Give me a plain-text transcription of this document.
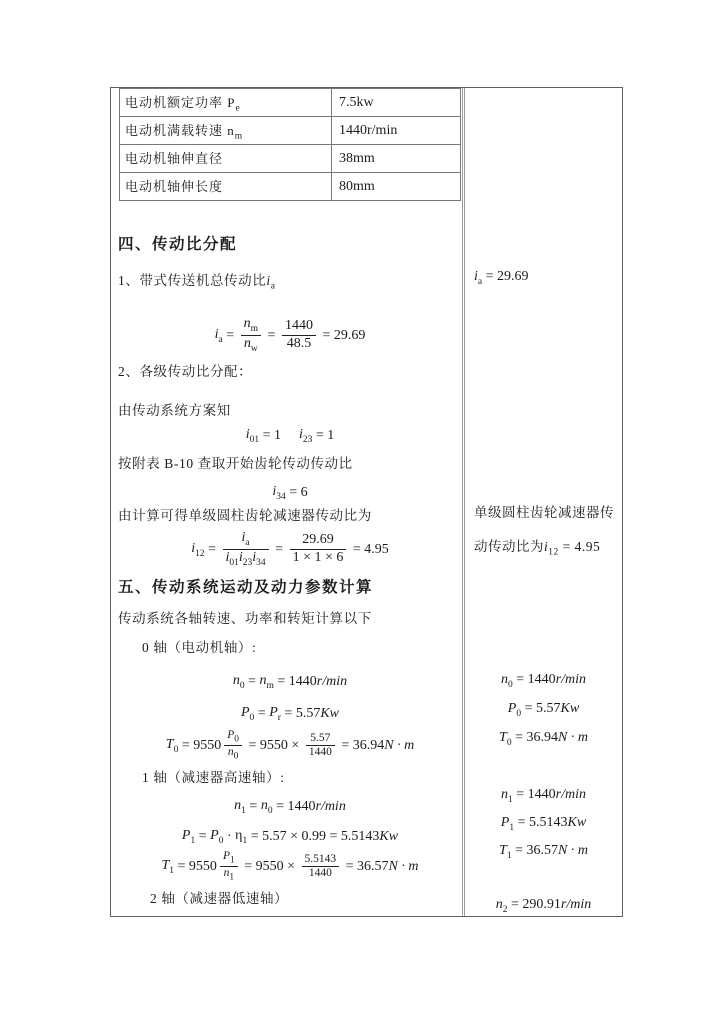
电动机额定功率 $P_e$	7.5kw
电动机满载转速 $n_m$	1440r/min
电动机轴伸直径	38mm
电动机轴伸长度	80mm
四、传动比分配
1、带式传送机总传动比$i_a$
$i_a = \frac{n_m}{n_w} = \frac{1440}{48.5} = 29.69$
2、各级传动比分配：
由传动系统方案知
$i_{01} = 1$ $i_{23} = 1$
按附表 B-10 查取开始齿轮传动传动比
$i_{34} = 6$
由计算可得单级圆柱齿轮减速器传动比为
$i_{12} = \frac{i_a}{i_{01}i_{23}i_{34}} = \frac{29.69}{1 \times 1 \times 6} = 4.95$
五、传动系统运动及动力参数计算
传动系统各轴转速、功率和转矩计算以下
0 轴（电动机轴）:
$n_0 = n_m = 1440$ r/min
$P_0 = P_r = 5.57$ Kw
$T_0 = 9550 \frac{P_0}{n_0} = 9550 \times \frac{5.57}{1440} = 36.94$ N · m
1 轴（减速器高速轴）:
$n_1 = n_0 = 1440$ r/min
$P_1 = P_0 \cdot \eta_1 = 5.57 \times 0.99 = 5.5143$ Kw
$T_1 = 9550 \frac{P_1}{n_1} = 9550 \times \frac{5.5143}{1440} = 36.57$ N · m
2 轴（减速器低速轴）
$i_a = 29.69$
单级圆柱齿轮减速器传动传动比为$i_{12} = 4.95$
$n_0 = 1440r/\min$
$P_0 = 5.57Kw$
$T_0 = 36.94N \cdot m$
$n_1 = 1440r/\min$
$P_1 = 5.5143Kw$
$T_1 = 36.57N \cdot m$
$n_2 = 290.91r/\min$
